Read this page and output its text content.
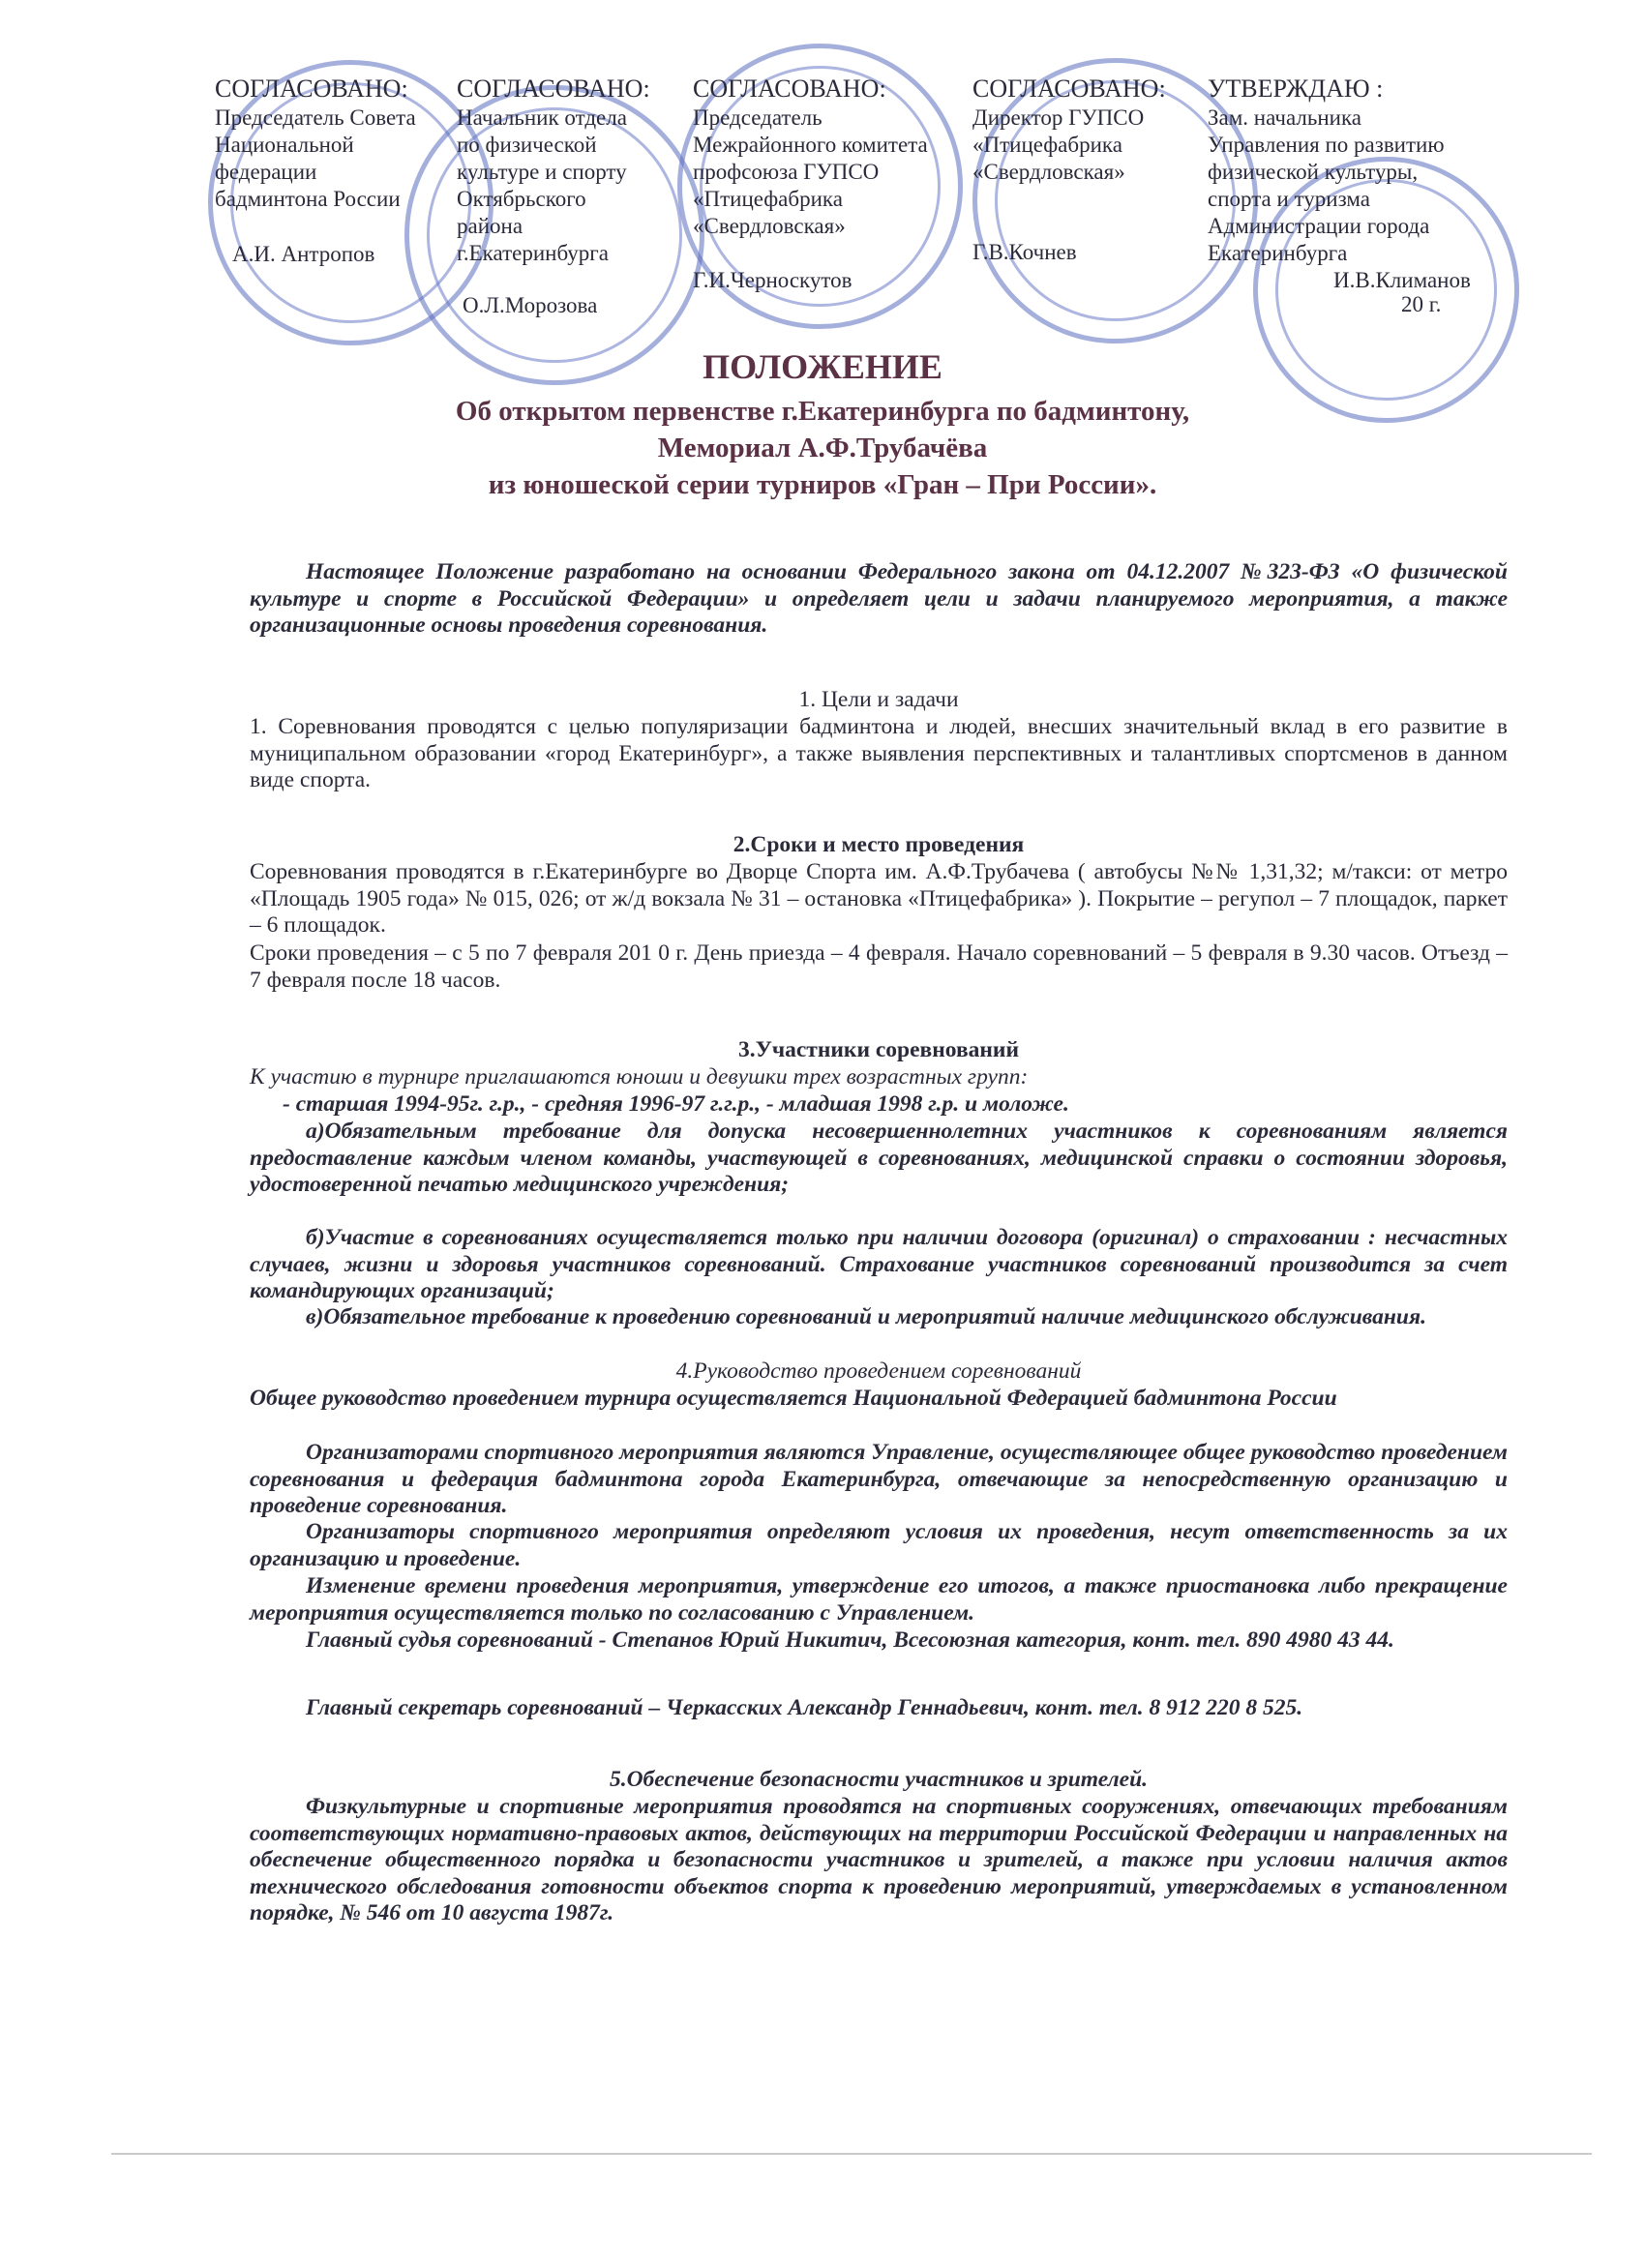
СОГЛАСОВАНО:
Председатель Совета
Национальной
федерации
бадминтона России
А.И. Антропов
СОГЛАСОВАНО:
Начальник отдела
по физической
культуре и спорту
Октябрьского
района
г.Екатеринбурга
О.Л.Морозова
СОГЛАСОВАНО:
Председатель
Межрайонного комитета
профсоюза ГУПСО
«Птицефабрика
«Свердловская»
Г.И.Черноскутов
СОГЛАСОВАНО:
Директор ГУПСО
«Птицефабрика
«Свердловская»
Г.В.Кочнев
УТВЕРЖДАЮ :
Зам. начальника
Управления по развитию
физической культуры,
спорта и туризма
Администрации города
Екатеринбурга
И.В.Климанов
20 г.
ПОЛОЖЕНИЕ
Об открытом первенстве г.Екатеринбурга по бадминтону,
Мемориал А.Ф.Трубачёва
из юношеской серии турниров «Гран – При России».
Настоящее Положение разработано на основании Федерального закона от 04.12.2007 №323-ФЗ «О физической культуре и спорте в Российской Федерации» и определяет цели и задачи планируемого мероприятия, а также организационные основы проведения соревнования.
1. Цели и задачи
1. Соревнования проводятся с целью популяризации бадминтона и людей, внесших значительный вклад в его развитие в муниципальном образовании «город Екатеринбург», а также выявления перспективных и талантливых спортсменов в данном виде спорта.
2.Сроки и место проведения
Соревнования проводятся в г.Екатеринбурге во Дворце Спорта им. А.Ф.Трубачева ( автобусы №№ 1,31,32; м/такси: от метро «Площадь 1905 года» № 015, 026; от ж/д вокзала № 31 – остановка «Птицефабрика» ). Покрытие – регупол – 7 площадок, паркет – 6 площадок.
Сроки проведения – с 5 по 7 февраля 201 0 г. День приезда – 4 февраля. Начало соревнований – 5 февраля в 9.30 часов. Отъезд –7 февраля после 18 часов.
3.Участники соревнований
К участию в турнире приглашаются юноши и девушки трех возрастных групп:
- старшая 1994-95г. г.р., - средняя 1996-97 г.г.р., - младшая 1998 г.р. и моложе.
а)Обязательным требование для допуска несовершеннолетних участников к соревнованиям является предоставление каждым членом команды, участвующей в соревнованиях, медицинской справки о состоянии здоровья, удостоверенной печатью медицинского учреждения;
б)Участие в соревнованиях осуществляется только при наличии договора (оригинал) о страховании : несчастных случаев, жизни и здоровья участников соревнований. Страхование участников соревнований производится за счет командирующих организаций;
в)Обязательное требование к проведению соревнований и мероприятий наличие медицинского обслуживания.
4.Руководство проведением соревнований
Общее руководство проведением турнира осуществляется Национальной Федерацией бадминтона России
Организаторами спортивного мероприятия являются Управление, осуществляющее общее руководство проведением соревнования и федерация бадминтона города Екатеринбурга, отвечающие за непосредственную организацию и проведение соревнования.
Организаторы спортивного мероприятия определяют условия их проведения, несут ответственность за их организацию и проведение.
Изменение времени проведения мероприятия, утверждение его итогов, а также приостановка либо прекращение мероприятия осуществляется только по согласованию с Управлением.
Главный судья соревнований - Степанов Юрий Никитич, Всесоюзная категория, конт. тел. 890 4980 43 44.
Главный секретарь соревнований – Черкасских Александр Геннадьевич, конт. тел. 8 912 220 8 525.
5.Обеспечение безопасности участников и зрителей.
Физкультурные и спортивные мероприятия проводятся на спортивных сооружениях, отвечающих требованиям соответствующих нормативно-правовых актов, действующих на территории Российской Федерации и направленных на обеспечение общественного порядка и безопасности участников и зрителей, а также при условии наличия актов технического обследования готовности объектов спорта к проведению мероприятий, утверждаемых в установленном порядке, № 546 от 10 августа 1987г.
